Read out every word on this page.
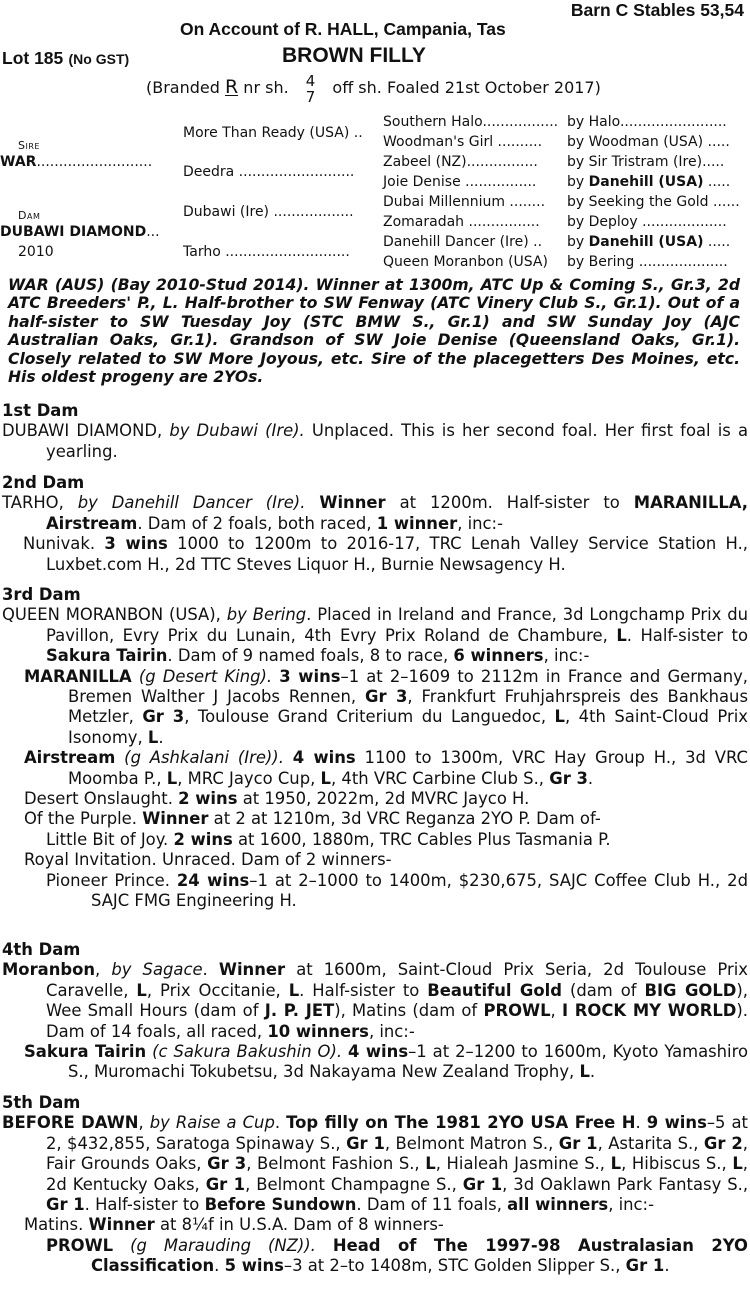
Barn C Stables 53,54
On Account of R. HALL, Campania, Tas
Lot 185 (No GST)	BROWN FILLY
(Branded R nr sh. 4
7 off sh. Foaled 21st October 2017)
Sire
WAR..........................
Dam
DUBAWI DIAMOND...
2010
More Than Ready (USA) ..
Deedra ..........................
Dubawi (Ire) ..................
Tarho ............................
Southern Halo.................
Woodman's Girl ..........
Zabeel (NZ)................
Joie Denise ................
Dubai Millennium ........
Zomaradah ................
Danehill Dancer (Ire) ..
Queen Moranbon (USA)
by Halo........................
by Woodman (USA) .....
by Sir Tristram (Ire).....
by Danehill (USA) .....
by Seeking the Gold ......
by Deploy ...................
by Danehill (USA) .....
by Bering ....................
WAR (AUS) (Bay 2010-Stud 2014). Winner at 1300m, ATC Up & Coming S., Gr.3, 2d ATC Breeders' P., L. Half-brother to SW Fenway (ATC Vinery Club S., Gr.1). Out of a half-sister to SW Tuesday Joy (STC BMW S., Gr.1) and SW Sunday Joy (AJC Australian Oaks, Gr.1). Grandson of SW Joie Denise (Queensland Oaks, Gr.1). Closely related to SW More Joyous, etc. Sire of the placegetters Des Moines, etc. His oldest progeny are 2YOs.
1st Dam
DUBAWI DIAMOND, by Dubawi (Ire). Unplaced. This is her second foal. Her first foal is a yearling.
2nd Dam
TARHO, by Danehill Dancer (Ire). Winner at 1200m. Half-sister to MARANILLA, Airstream. Dam of 2 foals, both raced, 1 winner, inc:-
Nunivak. 3 wins 1000 to 1200m to 2016-17, TRC Lenah Valley Service Station H., Luxbet.com H., 2d TTC Steves Liquor H., Burnie Newsagency H.
3rd Dam
QUEEN MORANBON (USA), by Bering. Placed in Ireland and France, 3d Longchamp Prix du Pavillon, Evry Prix du Lunain, 4th Evry Prix Roland de Chambure, L. Half-sister to Sakura Tairin. Dam of 9 named foals, 8 to race, 6 winners, inc:-
MARANILLA (g Desert King). 3 wins–1 at 2–1609 to 2112m in France and Germany, Bremen Walther J Jacobs Rennen, Gr 3, Frankfurt Fruhjahrspreis des Bankhaus Metzler, Gr 3, Toulouse Grand Criterium du Languedoc, L, 4th Saint-Cloud Prix Isonomy, L.
Airstream (g Ashkalani (Ire)). 4 wins 1100 to 1300m, VRC Hay Group H., 3d VRC Moomba P., L, MRC Jayco Cup, L, 4th VRC Carbine Club S., Gr 3.
Desert Onslaught. 2 wins at 1950, 2022m, 2d MVRC Jayco H.
Of the Purple. Winner at 2 at 1210m, 3d VRC Reganza 2YO P. Dam of-
Little Bit of Joy. 2 wins at 1600, 1880m, TRC Cables Plus Tasmania P.
Royal Invitation. Unraced. Dam of 2 winners-
Pioneer Prince. 24 wins–1 at 2–1000 to 1400m, $230,675, SAJC Coffee Club H., 2d SAJC FMG Engineering H.
4th Dam
Moranbon, by Sagace. Winner at 1600m, Saint-Cloud Prix Seria, 2d Toulouse Prix Caravelle, L, Prix Occitanie, L. Half-sister to Beautiful Gold (dam of BIG GOLD), Wee Small Hours (dam of J. P. JET), Matins (dam of PROWL, I ROCK MY WORLD). Dam of 14 foals, all raced, 10 winners, inc:-
Sakura Tairin (c Sakura Bakushin O). 4 wins–1 at 2–1200 to 1600m, Kyoto Yamashiro S., Muromachi Tokubetsu, 3d Nakayama New Zealand Trophy, L.
5th Dam
BEFORE DAWN, by Raise a Cup. Top filly on The 1981 2YO USA Free H. 9 wins–5 at 2, $432,855, Saratoga Spinaway S., Gr 1, Belmont Matron S., Gr 1, Astarita S., Gr 2, Fair Grounds Oaks, Gr 3, Belmont Fashion S., L, Hialeah Jasmine S., L, Hibiscus S., L, 2d Kentucky Oaks, Gr 1, Belmont Champagne S., Gr 1, 3d Oaklawn Park Fantasy S., Gr 1. Half-sister to Before Sundown. Dam of 11 foals, all winners, inc:-
Matins. Winner at 8¼f in U.S.A. Dam of 8 winners-
PROWL (g Marauding (NZ)). Head of The 1997-98 Australasian 2YO Classification. 5 wins–3 at 2–to 1408m, STC Golden Slipper S., Gr 1.
